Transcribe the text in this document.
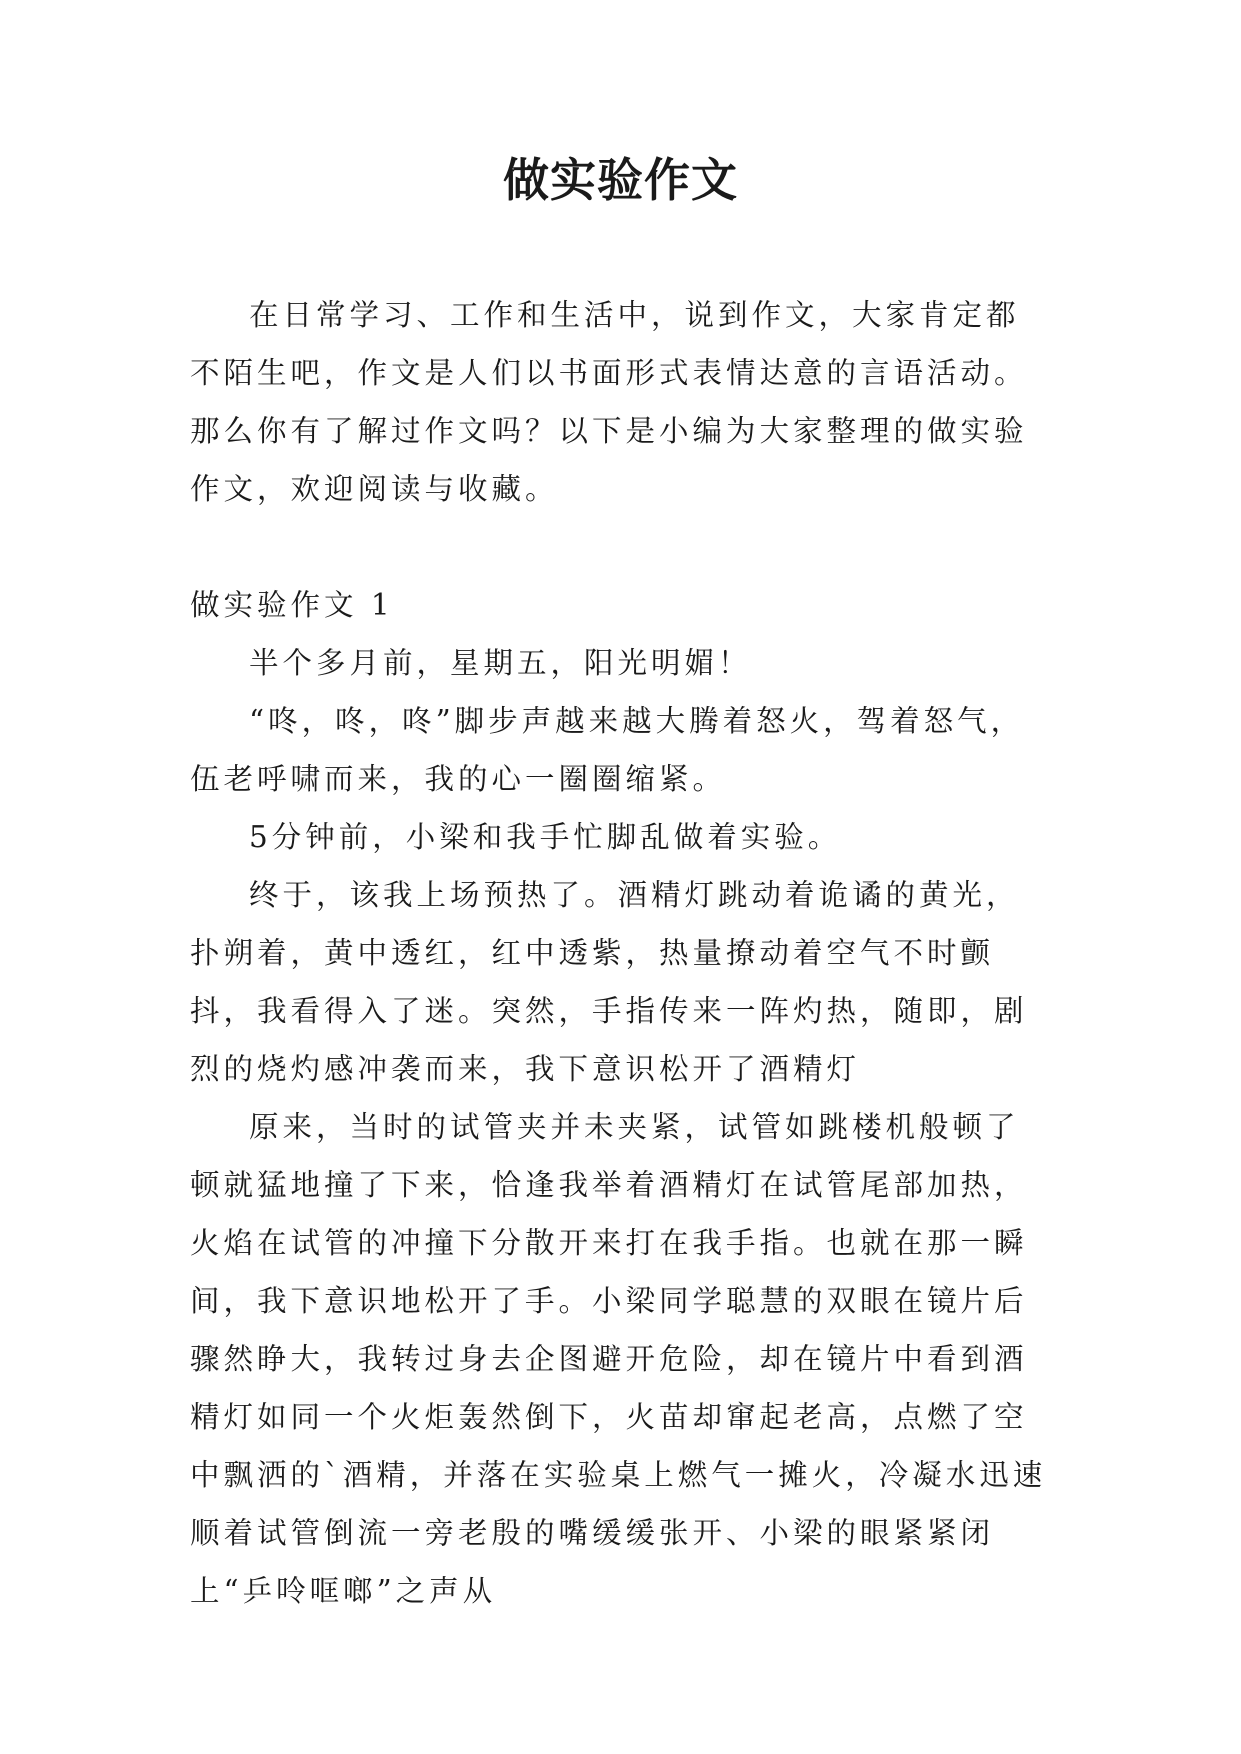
做实验作文

在日常学习、工作和生活中，说到作文，大家肯定都不陌生吧，作文是人们以书面形式表情达意的言语活动。那么你有了解过作文吗？以下是小编为大家整理的做实验作文，欢迎阅读与收藏。

做实验作文 1

半个多月前，星期五，阳光明媚！

“咚，咚，咚”脚步声越来越大腾着怒火，驾着怒气，伍老呼啸而来，我的心一圈圈缩紧。

5分钟前，小梁和我手忙脚乱做着实验。

终于，该我上场预热了。酒精灯跳动着诡谲的黄光，扑朔着，黄中透红，红中透紫，热量撩动着空气不时颤抖，我看得入了迷。突然，手指传来一阵灼热，随即，剧烈的烧灼感冲袭而来，我下意识松开了酒精灯

原来，当时的试管夹并未夹紧，试管如跳楼机般顿了顿就猛地撞了下来，恰逢我举着酒精灯在试管尾部加热，火焰在试管的冲撞下分散开来打在我手指。也就在那一瞬间，我下意识地松开了手。小梁同学聪慧的双眼在镜片后骤然睁大，我转过身去企图避开危险，却在镜片中看到酒精灯如同一个火炬轰然倒下，火苗却窜起老高，点燃了空中飘洒的`酒精，并落在实验桌上燃气一摊火，冷凝水迅速顺着试管倒流一旁老殷的嘴缓缓张开、小梁的眼紧紧闭上“乒呤哐啷”之声从
